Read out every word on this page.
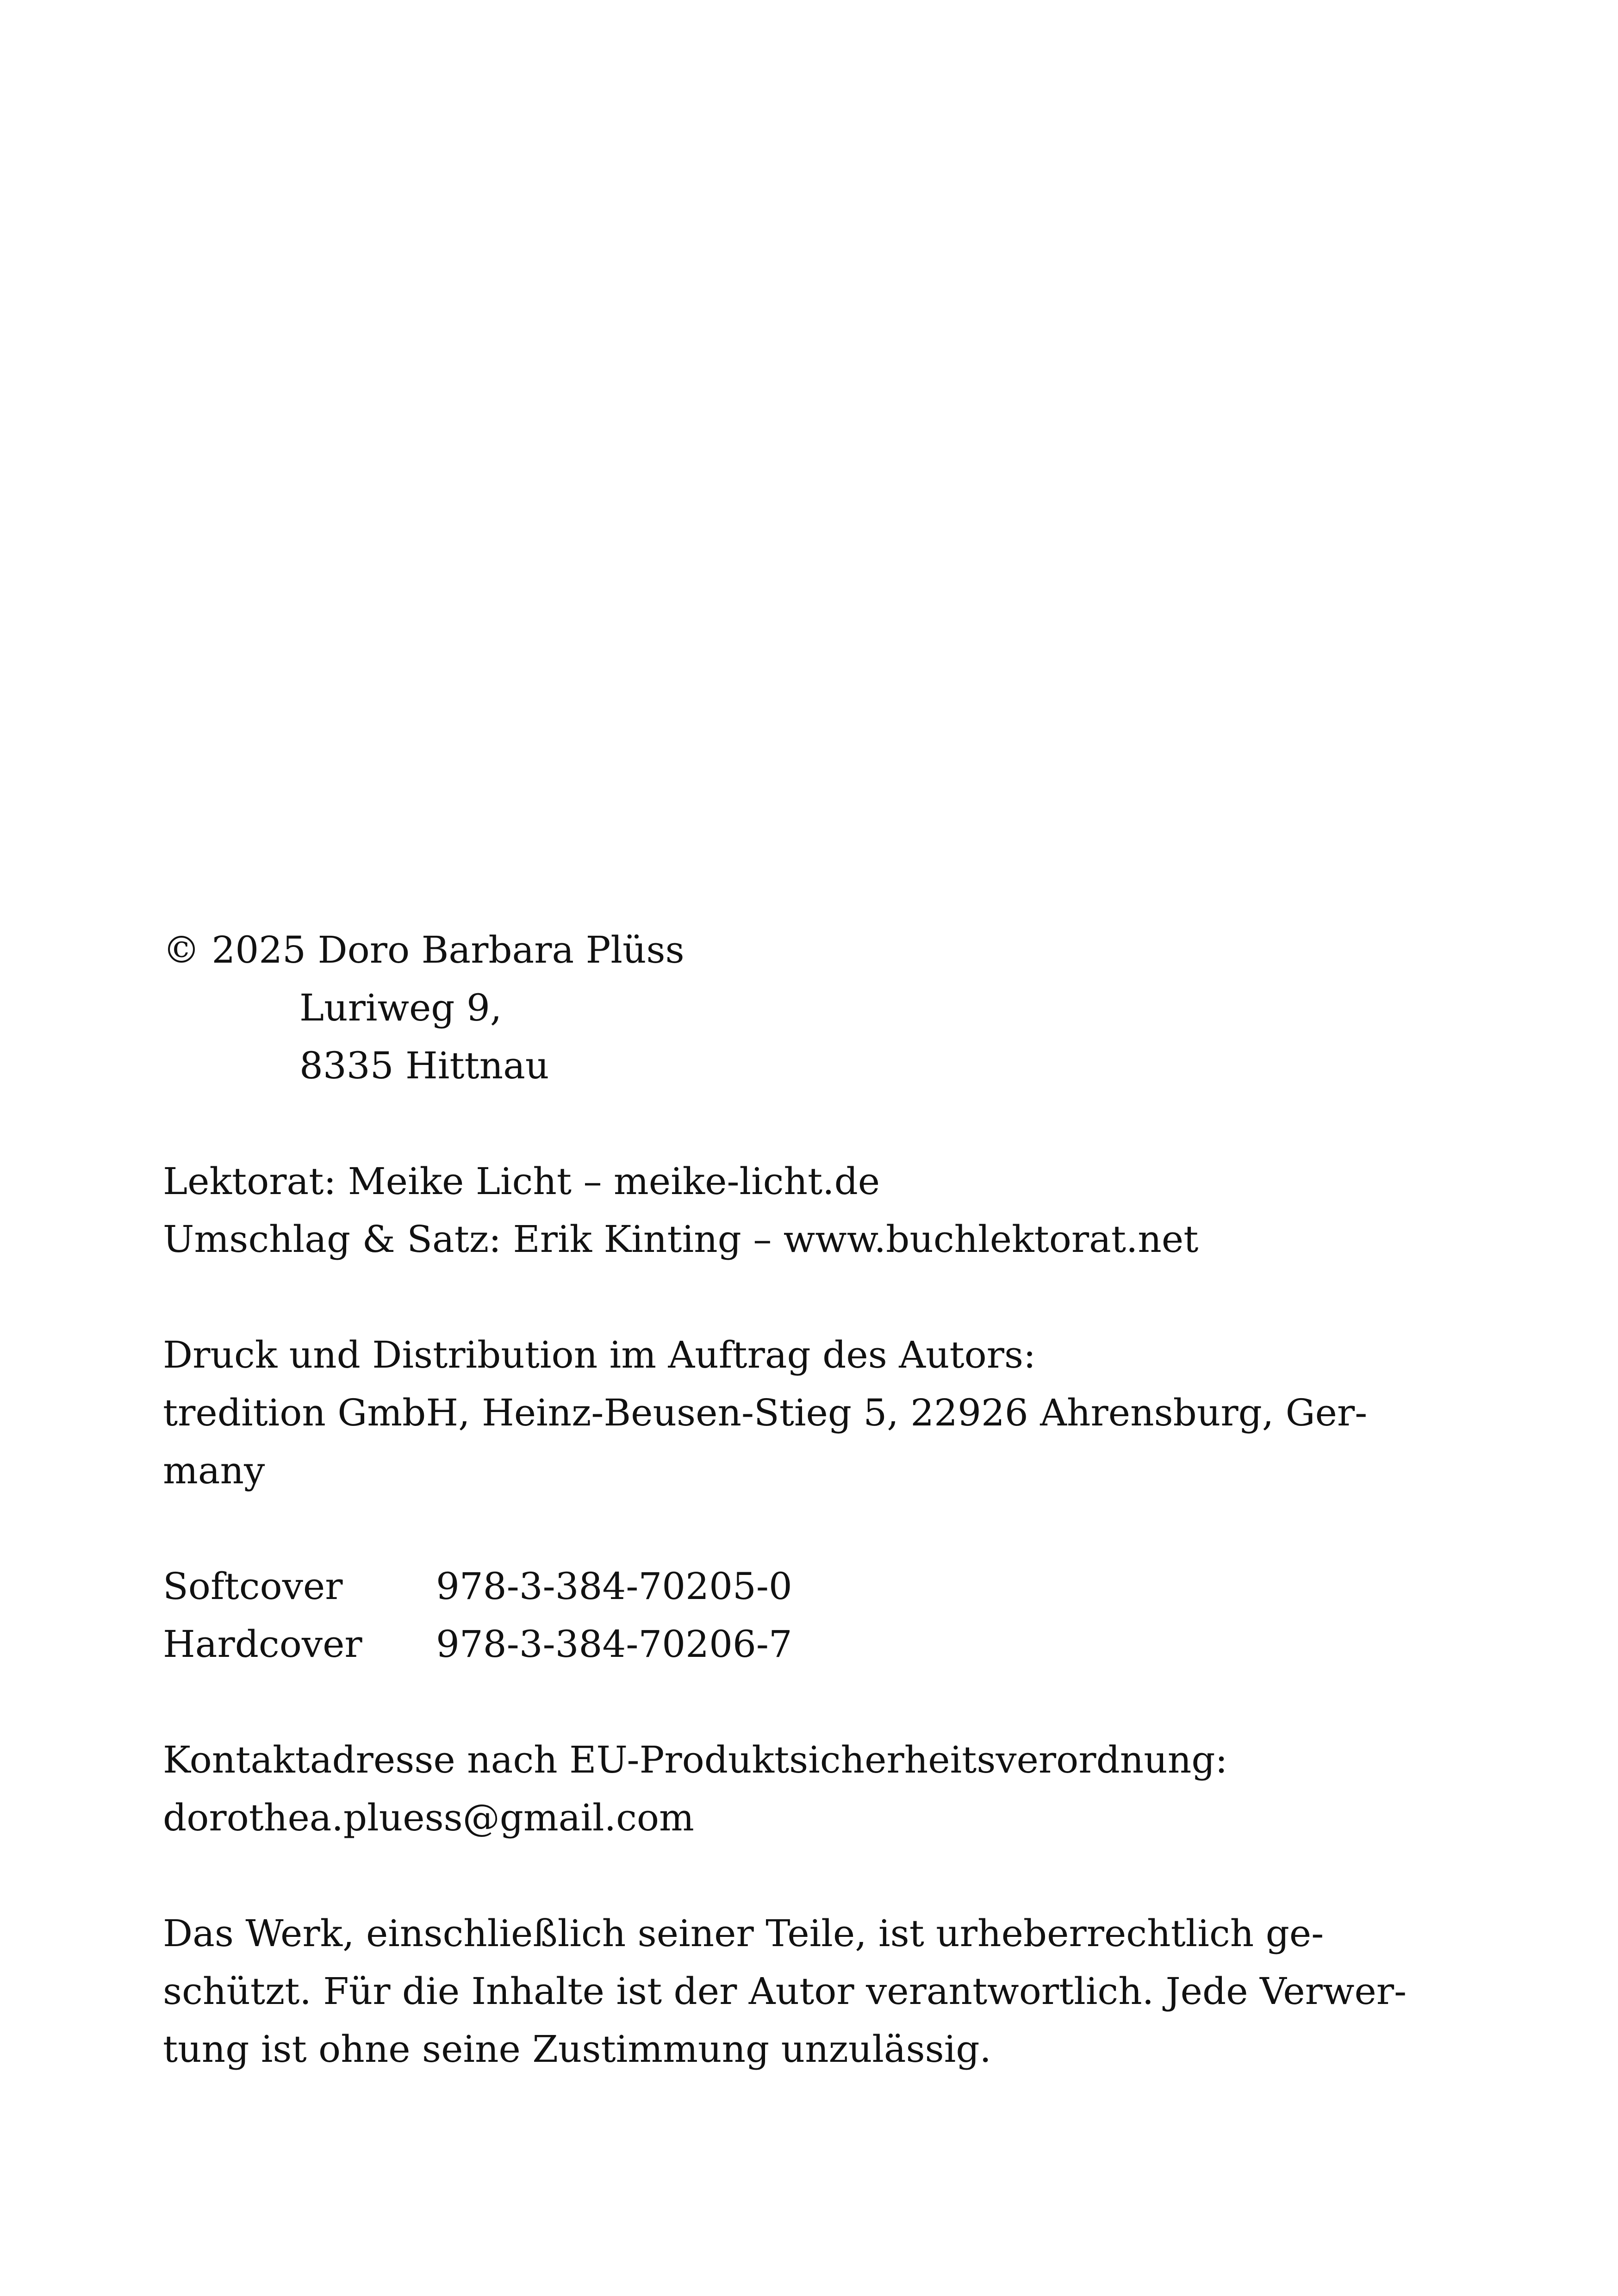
© 2025 Doro Barbara Plüss
Luriweg 9,
8335 Hittnau
Lektorat: Meike Licht – meike-licht.de
Umschlag & Satz: Erik Kinting – www.buchlektorat.net
Druck und Distribution im Auftrag des Autors:
tredition GmbH, Heinz-Beusen-Stieg 5, 22926 Ahrensburg, Ger-
many
Softcover	978-3-384-70205-0
Hardcover 978-3-384-70206-7
Kontaktadresse nach EU-Produktsicherheitsverordnung:
dorothea.pluess@gmail.com
Das Werk, einschließlich seiner Teile, ist urheberrechtlich ge-
schützt. Für die Inhalte ist der Autor verantwortlich. Jede Verwer-
tung ist ohne seine Zustimmung unzulässig.
